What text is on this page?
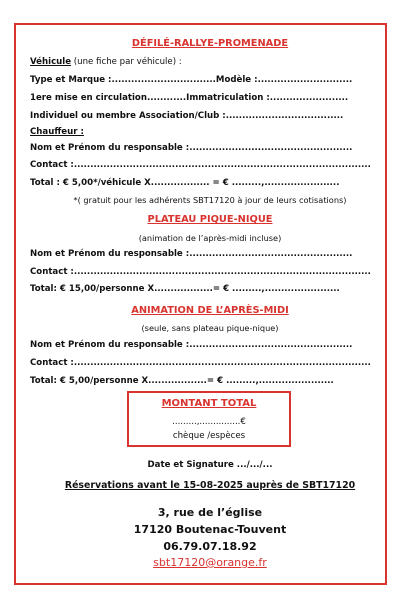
DÉFILÉ-RALLYE-PROMENADE
Véhicule (une fiche par véhicule) :
Type et Marque :................................Modèle :.............................
1ere mise en circulation............Immatriculation :........................
Individuel ou membre Association/Club :....................................
Chauffeur :
Nom et Prénom du responsable :..................................................
Contact :...........................................................................................
Total : € 5,00*/véhicule X.................. = € .........,.......................
*( gratuit pour les adhérents SBT17120 à jour de leurs cotisations)
PLATEAU PIQUE-NIQUE
(animation de l’après-midi incluse)
Nom et Prénom du responsable :..................................................
Contact :...........................................................................................
Total: € 15,00/personne X..................= € .........,.......................
ANIMATION DE L’APRÈS-MIDI
(seule, sans plateau pique-nique)
Nom et Prénom du responsable :..................................................
Contact :...........................................................................................
Total: € 5,00/personne X..................= € .........,.......................
MONTANT TOTAL
.........,...............€
chèque /espèces
Date et Signature .../.../...
Réservations avant le 15-08-2025 auprès de SBT17120
3, rue de l’église
17120 Boutenac-Touvent
06.79.07.18.92
sbt17120@orange.fr
